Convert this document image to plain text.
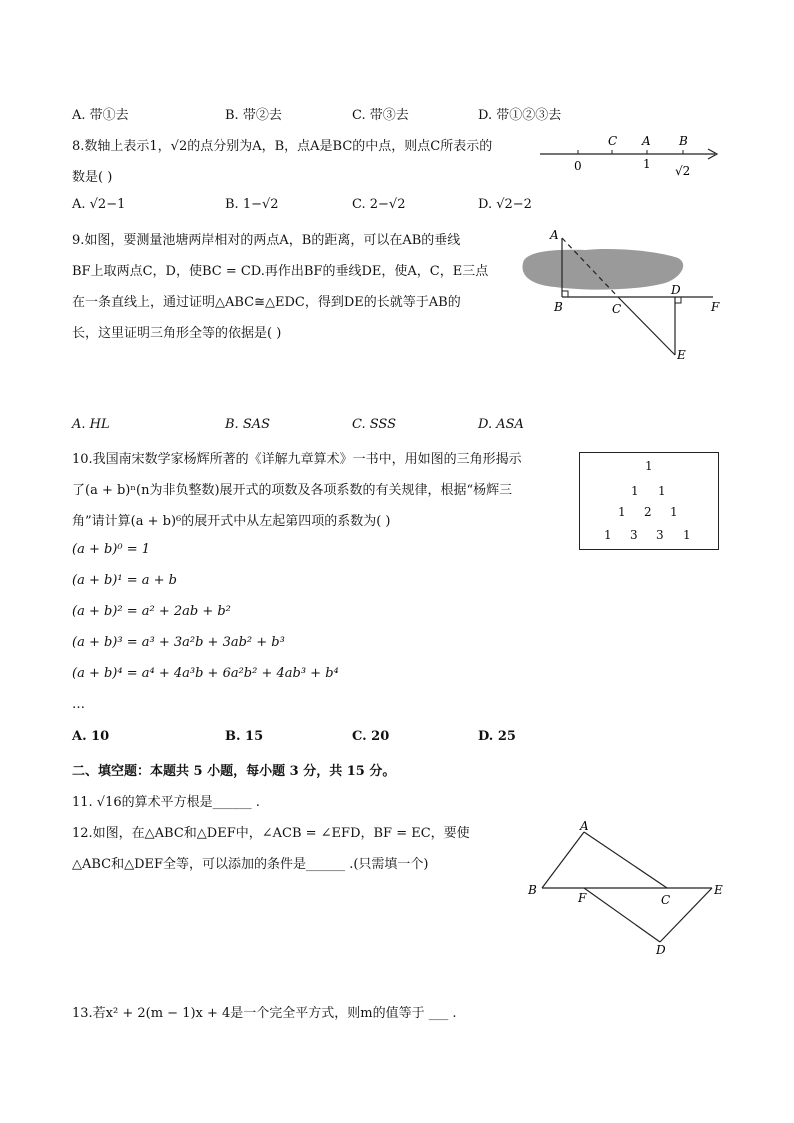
A. 带①去	B. 带②去	C. 带③去	D. 带①②③去
8.数轴上表示1，√2的点分别为A，B，点A是BC的中点，则点C所表示的
数是( )
C A B
0	1 √2
A. √2−1	B. 1−√2	C. 2−√2	D. √2−2
9.如图，要测量池塘两岸相对的两点A，B的距离，可以在AB的垂线
BF上取两点C，D，使BC = CD.再作出BF的垂线DE，使A，C，E三点
在一条直线上，通过证明△ABC≅△EDC，得到DE的长就等于AB的
长，这里证明三角形全等的依据是( )
A
B	C
D
F
E
A. HL	B. SAS	C. SSS	D. ASA
10.我国南宋数学家杨辉所著的《详解九章算术》一书中，用如图的三角形揭示
了(a + b)ⁿ(n为非负整数)展开式的项数及各项系数的有关规律，根据“杨辉三
角”请计算(a + b)⁶的展开式中从左起第四项的系数为( )
1
1 1
1 2 1
1 3 3 1
(a + b)⁰ = 1
(a + b)¹ = a + b
(a + b)² = a² + 2ab + b²
(a + b)³ = a³ + 3a²b + 3ab² + b³
(a + b)⁴ = a⁴ + 4a³b + 6a²b² + 4ab³ + b⁴
…
A. 10	B. 15	C. 20	D. 25
二、填空题：本题共 5 小题，每小题 3 分，共 15 分。
11. √16的算术平方根是______ .
12.如图，在△ABC和△DEF中，∠ACB = ∠EFD，BF = EC，要使
△ABC和△DEF全等，可以添加的条件是______ .(只需填一个)
A
B
F	C
E
D
13.若x² + 2(m − 1)x + 4是一个完全平方式，则m的值等于 ___ .
